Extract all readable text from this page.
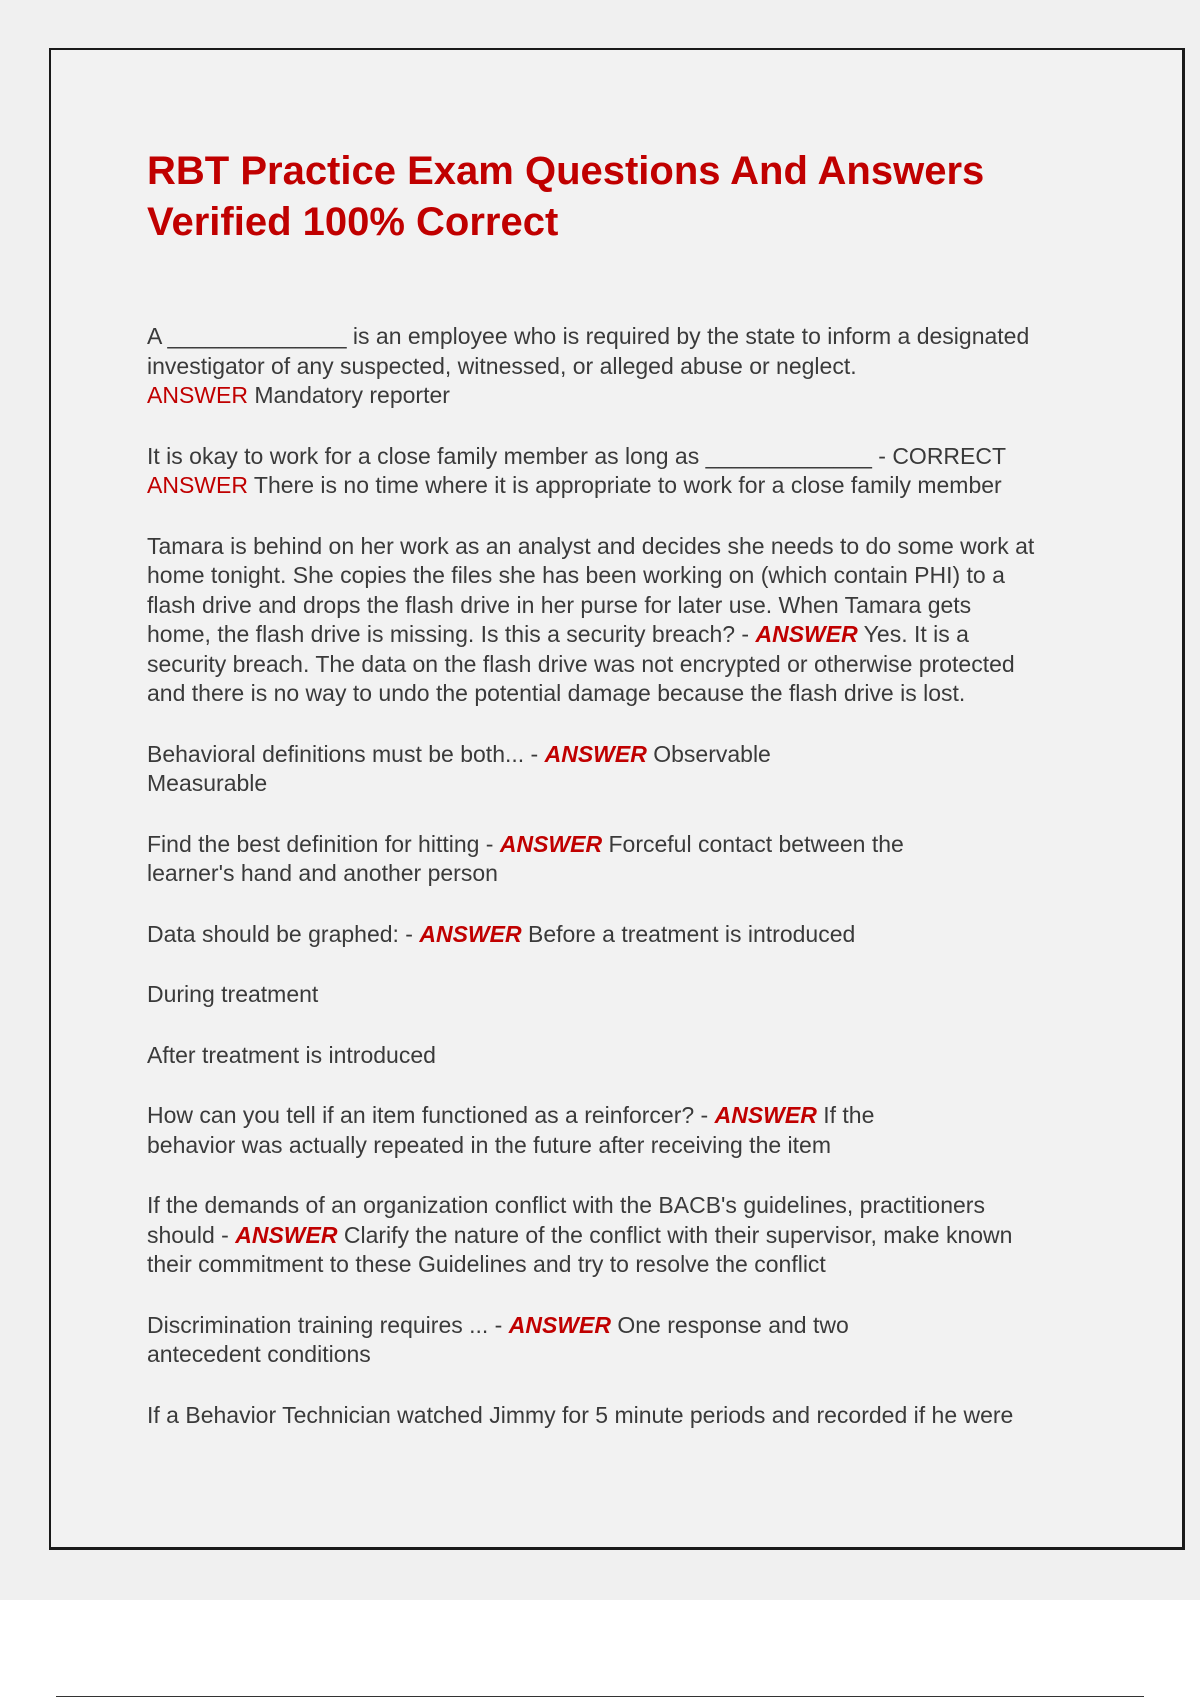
RBT Practice Exam Questions And Answers
Verified 100% Correct
A ______________ is an employee who is required by the state to inform a designated
investigator of any suspected, witnessed, or alleged abuse or neglect.
ANSWER Mandatory reporter
It is okay to work for a close family member as long as _____________ - CORRECT
ANSWER There is no time where it is appropriate to work for a close family member
Tamara is behind on her work as an analyst and decides she needs to do some work at
home tonight. She copies the files she has been working on (which contain PHI) to a
flash drive and drops the flash drive in her purse for later use. When Tamara gets
home, the flash drive is missing. Is this a security breach? - ANSWER Yes. It is a
security breach. The data on the flash drive was not encrypted or otherwise protected
and there is no way to undo the potential damage because the flash drive is lost.
Behavioral definitions must be both... - ANSWER Observable
Measurable
Find the best definition for hitting - ANSWER Forceful contact between the
learner's hand and another person
Data should be graphed: - ANSWER Before a treatment is introduced
During treatment
After treatment is introduced
How can you tell if an item functioned as a reinforcer? - ANSWER If the
behavior was actually repeated in the future after receiving the item
If the demands of an organization conflict with the BACB's guidelines, practitioners
should - ANSWER Clarify the nature of the conflict with their supervisor, make known
their commitment to these Guidelines and try to resolve the conflict
Discrimination training requires ... - ANSWER One response and two
antecedent conditions
If a Behavior Technician watched Jimmy for 5 minute periods and recorded if he were
